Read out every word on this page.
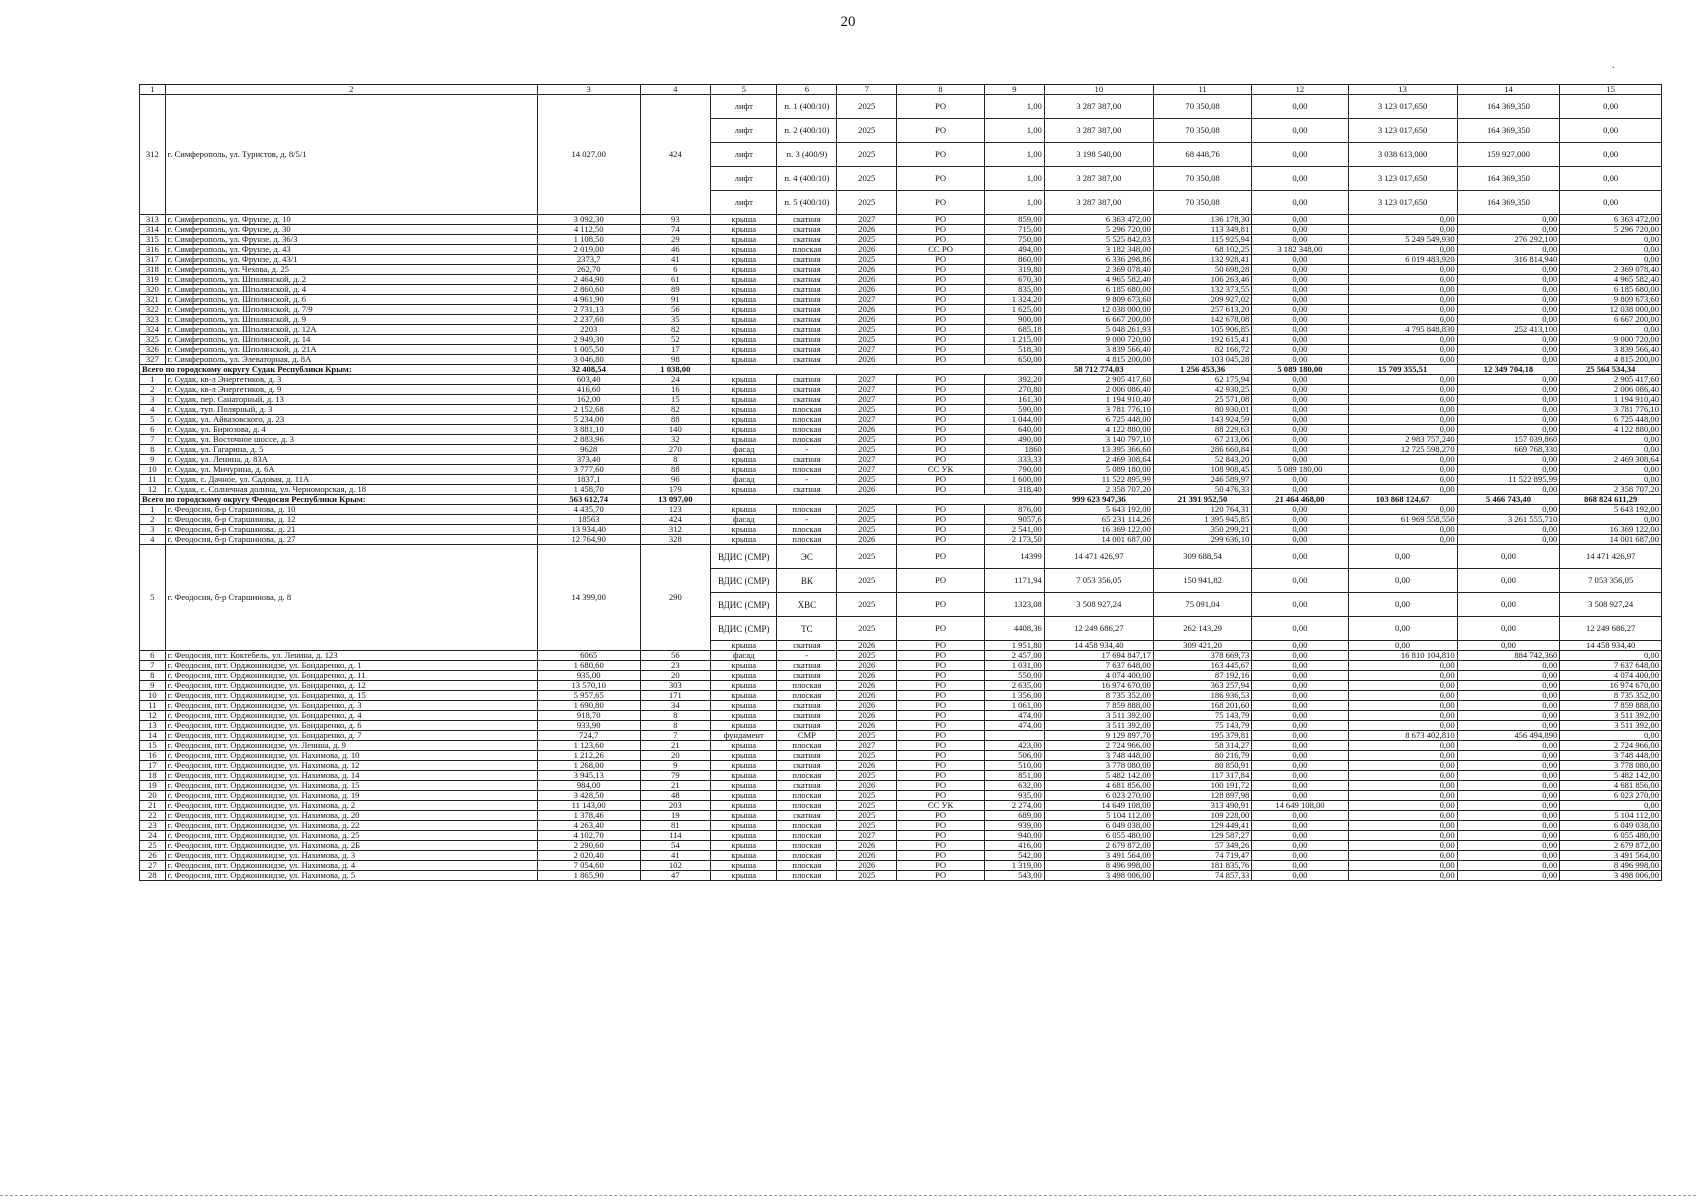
20
.
1	2	3	4	5	6	7	8	9	10	11	12	13	14	15
312	г. Симферополь, ул. Туристов, д. 8/5/1	14 027,00	424	лифт	п. 1 (400/10)	2025	РО	1,00	3 287 387,00	70 350,08	0,00	3 123 017,650	164 369,350	0,00
				лифт	п. 2 (400/10)	2025	РО	1,00	3 287 387,00	70 350,08	0,00	3 123 017,650	164 369,350	0,00
				лифт	п. 3 (400/9)	2025	РО	1,00	3 198 540,00	68 448,76	0,00	3 038 613,000	159 927,000	0,00
				лифт	п. 4 (400/10)	2025	РО	1,00	3 287 387,00	70 350,08	0,00	3 123 017,650	164 369,350	0,00
				лифт	п. 5 (400/10)	2025	РО	1,00	3 287 387,00	70 350,08	0,00	3 123 017,650	164 369,350	0,00
313	г. Симферополь, ул. Фрунзе, д. 10	3 092,30	93	крыша	скатная	2027	РО	859,00	6 363 472,00	136 178,30	0,00	0,00	0,00	6 363 472,00
314	г. Симферополь, ул. Фрунзе, д. 30	4 112,50	74	крыша	скатная	2026	РО	715,00	5 296 720,00	113 349,81	0,00	0,00	0,00	5 296 720,00
315	г. Симферополь, ул. Фрунзе, д. 36/3	1 108,50	29	крыша	скатная	2025	РО	750,00	5 525 842,03	115 925,94	0,00	5 249 549,930	276 292,100	0,00
316	г. Симферополь, ул. Фрунзе, д. 43	2 019,00	46	крыша	плоская	2026	СС РО	494,00	3 182 348,00	68 102,25	3 182 348,00	0,00	0,00	0,00
317	г. Симферополь, ул. Фрунзе, д. 43/1	2373,7	41	крыша	скатная	2025	РО	860,00	6 336 298,86	132 928,41	0,00	6 019 483,920	316 814,940	0,00
318	г. Симферополь, ул. Чехова, д. 25	262,70	6	крыша	скатная	2026	РО	319,80	2 369 078,40	50 698,28	0,00	0,00	0,00	2 369 078,40
319	г. Симферополь, ул. Шполянской, д. 2	2 464,90	61	крыша	скатная	2026	РО	670,30	4 965 582,40	106 263,46	0,00	0,00	0,00	4 965 582,40
320	г. Симферополь, ул. Шполянской, д. 4	2 860,60	89	крыша	скатная	2026	РО	835,00	6 185 680,00	132 373,55	0,00	0,00	0,00	6 185 680,00
321	г. Симферополь, ул. Шполянской, д. 6	4 961,90	91	крыша	скатная	2027	РО	1 324,20	9 809 673,60	209 927,02	0,00	0,00	0,00	9 809 673,60
322	г. Симферополь, ул. Шполянской, д. 7/9	2 731,13	56	крыша	скатная	2026	РО	1 625,00	12 038 000,00	257 613,20	0,00	0,00	0,00	12 038 000,00
323	г. Симферополь, ул. Шполянской, д. 9	2 237,60	35	крыша	скатная	2026	РО	900,00	6 667 200,00	142 678,08	0,00	0,00	0,00	6 667 200,00
324	г. Симферополь, ул. Шполянской, д. 12А	2203	82	крыша	скатная	2025	РО	685,18	5 048 261,93	105 906,85	0,00	4 795 848,830	252 413,100	0,00
325	г. Симферополь, ул. Шполянской, д. 14	2 949,30	52	крыша	скатная	2025	РО	1 215,00	9 000 720,00	192 615,41	0,00	0,00	0,00	9 000 720,00
326	г. Симферополь, ул. Шполянской, д. 21А	1 005,50	17	крыша	скатная	2027	РО	518,30	3 839 566,40	82 166,72	0,00	0,00	0,00	3 839 566,40
327	г. Симферополь, ул. Элеваторная, д. 8А	3 046,80	98	крыша	скатная	2026	РО	650,00	4 815 200,00	103 045,28	0,00	0,00	0,00	4 815 200,00
Всего по городскому округу Судак Республики Крым:		32 408,54	1 038,00						58 712 774,03	1 256 453,36	5 089 180,00	15 709 355,51	12 349 704,18	25 564 534,34
1	г. Судак, кв-л Энергетиков, д. 3	603,40	24	крыша	скатная	2027	РО	392,20	2 905 417,60	62 175,94	0,00	0,00	0,00	2 905 417,60
2	г. Судак, кв-л Энергетиков, д. 9	416,60	16	крыша	скатная	2027	РО	270,80	2 006 086,40	42 930,25	0,00	0,00	0,00	2 006 086,40
3	г. Судак, пер. Санаторный, д. 13	162,00	15	крыша	скатная	2027	РО	161,30	1 194 910,40	25 571,08	0,00	0,00	0,00	1 194 910,40
4	г. Судак, туп. Полярный, д. 3	2 152,68	82	крыша	плоская	2025	РО	590,00	3 781 776,10	80 930,01	0,00	0,00	0,00	3 781 776,10
5	г. Судак, ул. Айвазовского, д. 23	5 234,00	88	крыша	плоская	2027	РО	1 044,00	6 725 448,00	143 924,59	0,00	0,00	0,00	6 725 448,00
6	г. Судак, ул. Бирюзова, д. 4	3 881,10	140	крыша	плоская	2026	РО	640,00	4 122 880,00	88 229,63	0,00	0,00	0,00	4 122 880,00
7	г. Судак, ул. Восточное шоссе, д. 3	2 883,96	32	крыша	плоская	2025	РО	490,00	3 140 797,10	67 213,06	0,00	2 983 757,240	157 039,860	0,00
8	г. Судак, ул. Гагарина, д. 5	9628	270	фасад	-	2025	РО	1860	13 395 366,60	286 660,84	0,00	12 725 598,270	669 768,330	0,00
9	г. Судак, ул. Ленина, д. 83А	373,40	8	крыша	скатная	2027	РО	333,33	2 469 308,64	52 843,20	0,00	0,00	0,00	2 469 308,64
10	г. Судак, ул. Мичурина, д. 6А	3 777,60	88	крыша	плоская	2027	СС УК	790,00	5 089 180,00	108 908,45	5 089 180,00	0,00	0,00	0,00
11	г. Судак, с. Дачное, ул. Садовая, д. 11А	1837,1	96	фасад	-	2025	РО	1 600,00	11 522 895,99	246 589,97	0,00	0,00	11 522 895,99	0,00
12	г. Судак, с. Солнечная долина, ул. Черноморская, д. 18	1 458,70	179	крыша	скатная	2026	РО	318,40	2 358 707,20	50 476,33	0,00	0,00	0,00	2 358 707,20
Всего по городскому округу Феодосия Республики Крым:		563 612,74	13 097,00						999 623 947,36	21 391 952,50	21 464 468,00	103 868 124,67	5 466 743,40	868 824 611,29
1	г. Феодосия, б-р Старшинова, д. 10	4 435,70	123	крыша	плоская	2025	РО	876,00	5 643 192,00	120 764,31	0,00	0,00	0,00	5 643 192,00
2	г. Феодосия, б-р Старшинова, д. 12	18563	424	фасад	-	2025	РО	9057,6	65 231 114,26	1 395 945,85	0,00	61 969 558,550	3 261 555,710	0,00
3	г. Феодосия, б-р Старшинова, д. 21	13 934,40	312	крыша	плоская	2025	РО	2 541,00	16 369 122,00	350 299,21	0,00	0,00	0,00	16 369 122,00
4	г. Феодосия, б-р Старшинова, д. 27	12 764,90	328	крыша	плоская	2026	РО	2 173,50	14 001 687,00	299 636,10	0,00	0,00	0,00	14 001 687,00
5	г. Феодосия, б-р Старшинова, д. 8	14 399,00	290	ВДИС (СМР)	ЭС	2025	РО	14399	14 471 426,97	309 688,54	0,00	0,00	0,00	14 471 426,97
				ВДИС (СМР)	ВК	2025	РО	1171,94	7 053 356,05	150 941,82	0,00	0,00	0,00	7 053 356,05
				ВДИС (СМР)	ХВС	2025	РО	1323,08	3 508 927,24	75 091,04	0,00	0,00	0,00	3 508 927,24
				ВДИС (СМР)	ТС	2025	РО	4408,36	12 249 686,27	262 143,29	0,00	0,00	0,00	12 249 686,27
				крыша	скатная	2026	РО	1 951,80	14 458 934,40	309 421,20	0,00	0,00	0,00	14 458 934,40
6	г. Феодосия, пгт. Коктебель, ул. Ленина, д. 123	6065	56	фасад	-	2025	РО	2 457,00	17 694 847,17	378 669,73	0,00	16 810 104,810	884 742,360	0,00
7	г. Феодосия, пгт. Орджоникидзе, ул. Бондаренко, д. 1	1 680,60	23	крыша	скатная	2026	РО	1 031,00	7 637 648,00	163 445,67	0,00	0,00	0,00	7 637 648,00
8	г. Феодосия, пгт. Орджоникидзе, ул. Бондаренко, д. 11	935,00	20	крыша	скатная	2026	РО	550,00	4 074 400,00	87 192,16	0,00	0,00	0,00	4 074 400,00
9	г. Феодосия, пгт. Орджоникидзе, ул. Бондаренко, д. 12	13 570,10	303	крыша	плоская	2026	РО	2 635,00	16 974 670,00	363 257,94	0,00	0,00	0,00	16 974 670,00
10	г. Феодосия, пгт. Орджоникидзе, ул. Бондаренко, д. 15	5 957,65	171	крыша	плоская	2026	РО	1 356,00	8 735 352,00	186 936,53	0,00	0,00	0,00	8 735 352,00
11	г. Феодосия, пгт. Орджоникидзе, ул. Бондаренко, д. 3	1 690,80	34	крыша	скатная	2026	РО	1 061,00	7 859 888,00	168 201,60	0,00	0,00	0,00	7 859 888,00
12	г. Феодосия, пгт. Орджоникидзе, ул. Бондаренко, д. 4	918,70	8	крыша	скатная	2026	РО	474,00	3 511 392,00	75 143,79	0,00	0,00	0,00	3 511 392,00
13	г. Феодосия, пгт. Орджоникидзе, ул. Бондаренко, д. 6	933,90	8	крыша	скатная	2026	РО	474,00	3 511 392,00	75 143,79	0,00	0,00	0,00	3 511 392,00
14	г. Феодосия, пгт. Орджоникидзе, ул. Бондаренко, д. 7	724,7	7	фундамент	СМР	2025	РО		9 129 897,70	195 379,81	0,00	8 673 402,810	456 494,890	0,00
15	г. Феодосия, пгт. Орджоникидзе, ул. Ленина, д. 9	1 123,60	21	крыша	плоская	2027	РО	423,00	2 724 966,00	58 314,27	0,00	0,00	0,00	2 724 966,00
16	г. Феодосия, пгт. Орджоникидзе, ул. Нахимова, д. 10	1 212,26	20	крыша	скатная	2025	РО	506,00	3 748 448,00	80 216,79	0,00	0,00	0,00	3 748 448,00
17	г. Феодосия, пгт. Орджоникидзе, ул. Нахимова, д. 12	1 268,00	9	крыша	скатная	2026	РО	510,00	3 778 080,00	80 850,91	0,00	0,00	0,00	3 778 080,00
18	г. Феодосия, пгт. Орджоникидзе, ул. Нахимова, д. 14	3 945,13	79	крыша	плоская	2025	РО	851,00	5 482 142,00	117 317,84	0,00	0,00	0,00	5 482 142,00
19	г. Феодосия, пгт. Орджоникидзе, ул. Нахимова, д. 15	984,00	21	крыша	скатная	2026	РО	632,00	4 681 856,00	100 191,72	0,00	0,00	0,00	4 681 856,00
20	г. Феодосия, пгт. Орджоникидзе, ул. Нахимова, д. 19	3 428,50	48	крыша	плоская	2025	РО	935,00	6 023 270,00	128 897,98	0,00	0,00	0,00	6 023 270,00
21	г. Феодосия, пгт. Орджоникидзе, ул. Нахимова, д. 2	11 143,00	203	крыша	плоская	2025	СС УК	2 274,00	14 649 108,00	313 490,91	14 649 108,00	0,00	0,00	0,00
22	г. Феодосия, пгт. Орджоникидзе, ул. Нахимова, д. 20	1 378,46	19	крыша	скатная	2025	РО	689,00	5 104 112,00	109 228,00	0,00	0,00	0,00	5 104 112,00
23	г. Феодосия, пгт. Орджоникидзе, ул. Нахимова, д. 22	4 263,40	81	крыша	плоская	2025	РО	939,00	6 049 038,00	129 449,41	0,00	0,00	0,00	6 049 038,00
24	г. Феодосия, пгт. Орджоникидзе, ул. Нахимова, д. 25	4 102,70	114	крыша	плоская	2027	РО	940,00	6 055 480,00	129 587,27	0,00	0,00	0,00	6 055 480,00
25	г. Феодосия, пгт. Орджоникидзе, ул. Нахимова, д. 2Б	2 290,60	54	крыша	плоская	2026	РО	416,00	2 679 872,00	57 349,26	0,00	0,00	0,00	2 679 872,00
26	г. Феодосия, пгт. Орджоникидзе, ул. Нахимова, д. 3	2 020,40	41	крыша	плоская	2026	РО	542,00	3 491 564,00	74 719,47	0,00	0,00	0,00	3 491 564,00
27	г. Феодосия, пгт. Орджоникидзе, ул. Нахимова, д. 4	7 054,60	102	крыша	плоская	2026	РО	1 319,00	8 496 998,00	181 835,76	0,00	0,00	0,00	8 496 998,00
28	г. Феодосия, пгт. Орджоникидзе, ул. Нахимова, д. 5	1 865,90	47	крыша	плоская	2025	РО	543,00	3 498 006,00	74 857,33	0,00	0,00	0,00	3 498 006,00
